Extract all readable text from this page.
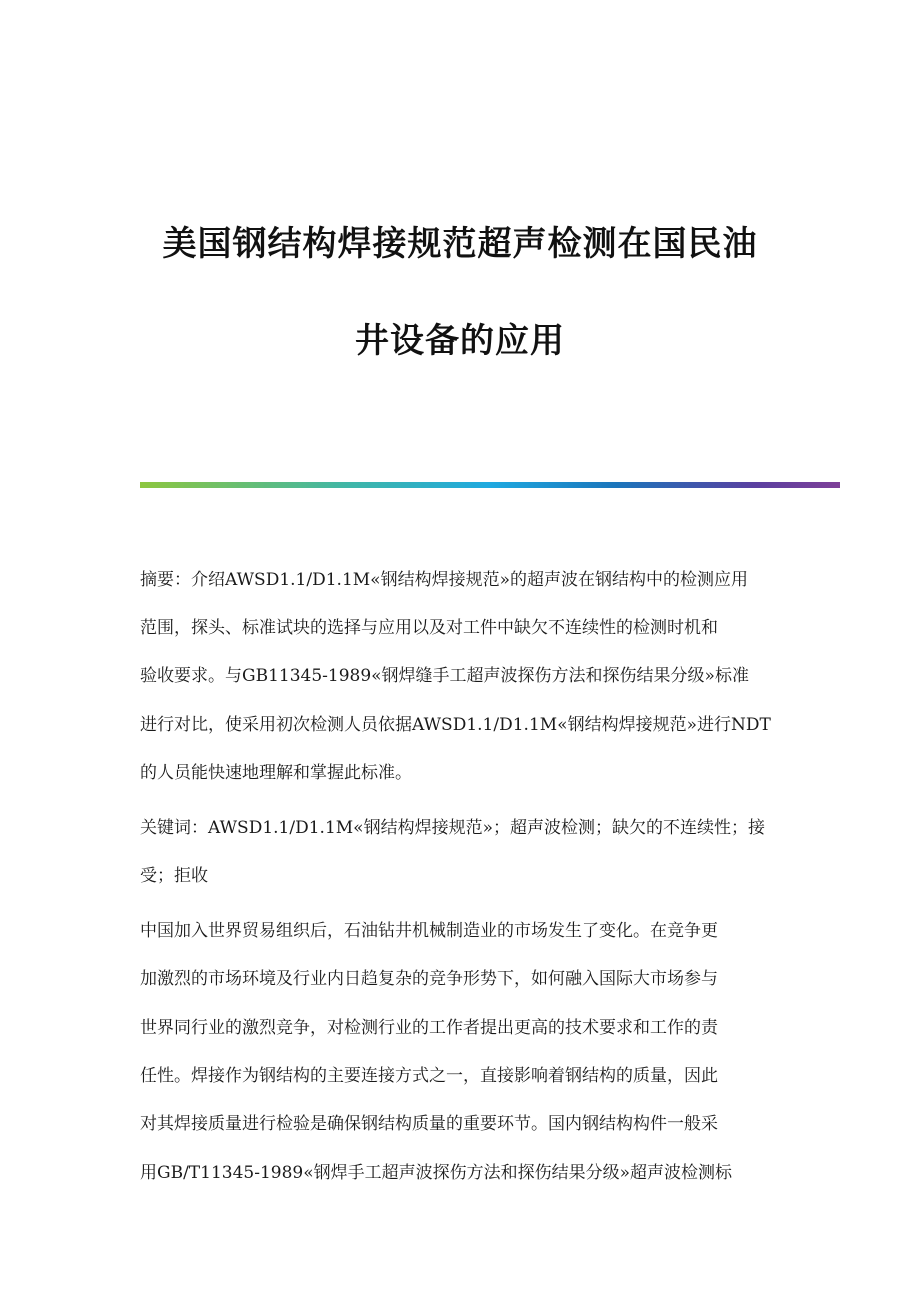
美国钢结构焊接规范超声检测在国民油
井设备的应用
摘要：介绍AWSD1.1/D1.1M«钢结构焊接规范»的超声波在钢结构中的检测应用
范围，探头、标准试块的选择与应用以及对工件中缺欠不连续性的检测时机和
验收要求。与GB11345-1989«钢焊缝手工超声波探伤方法和探伤结果分级»标准
进行对比，使采用初次检测人员依据AWSD1.1/D1.1M«钢结构焊接规范»进行NDT
的人员能快速地理解和掌握此标准。
关键词：AWSD1.1/D1.1M«钢结构焊接规范»；超声波检测；缺欠的不连续性；接
受；拒收
中国加入世界贸易组织后，石油钻井机械制造业的市场发生了变化。在竞争更
加激烈的市场环境及行业内日趋复杂的竞争形势下，如何融入国际大市场参与
世界同行业的激烈竞争，对检测行业的工作者提出更高的技术要求和工作的责
任性。焊接作为钢结构的主要连接方式之一，直接影响着钢结构的质量，因此
对其焊接质量进行检验是确保钢结构质量的重要环节。国内钢结构构件一般采
用GB/T11345-1989«钢焊手工超声波探伤方法和探伤结果分级»超声波检测标
